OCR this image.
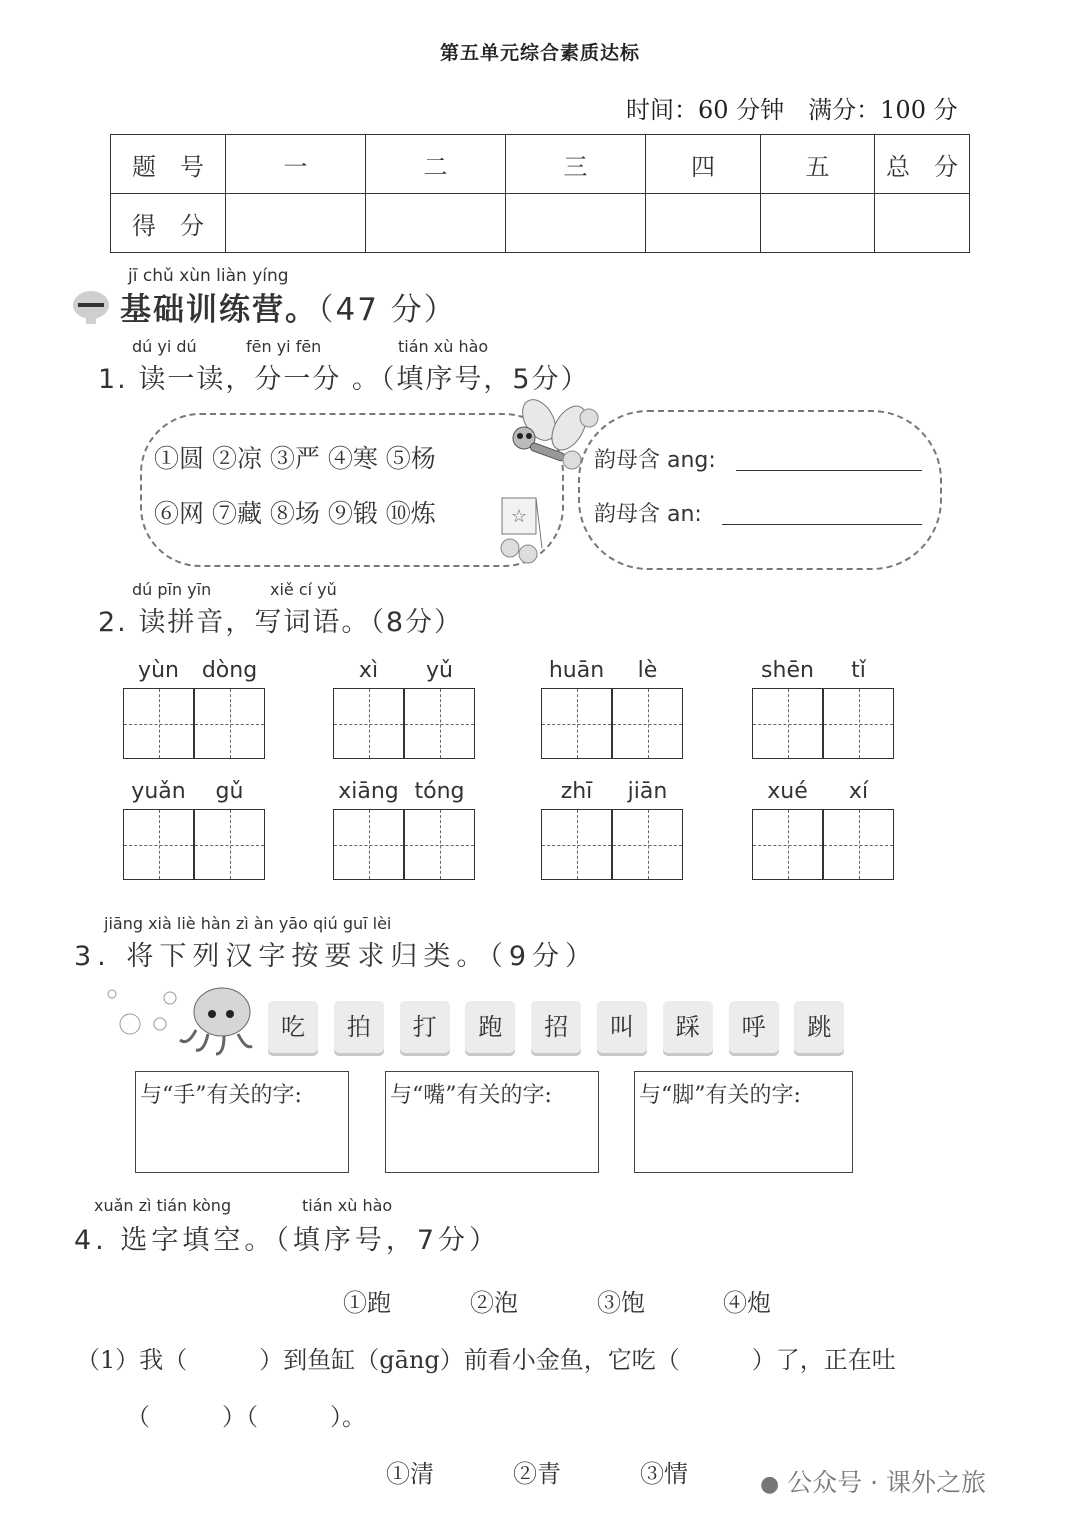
第五单元综合素质达标
时间：60 分钟　满分：100 分
题　号	一	二	三	四	五	总　分
得　分						
jī chǔ xùn liàn yíng
基础训练营。（47 分）
dú yi dú	fēn yi fēn	tián xù hào
1. 读一读，分一分 。（填序号，5分）
①圆 ②凉 ③严 ④寒 ⑤杨
⑥网 ⑦藏 ⑧场 ⑨锻 ⑩炼	☆
韵母含 ang:
韵母含 an:
dú pīn yīn	xiě cí yǔ
2. 读拼音，写词语。（8分）
yùn	dòng	xì	yǔ	huān	lè	shēn	tǐ
yuǎn	gǔ	xiāng tóng	zhī	jiān	xué	xí
jiāng xià liè hàn zì àn yāo qiú guī lèi
3. 将下列汉字按要求归类。（9分）
吃	拍	打	跑	招	叫	踩	呼	跳
与“手”有关的字:	与“嘴”有关的字:	与“脚”有关的字:
xuǎn zì tián kòng	tián xù hào
4. 选字填空。（填序号，7分）
①跑	②泡	③饱	④炮
（1）我（　　　）到鱼缸（gāng）前看小金鱼，它吃（　　　）了，正在吐
（　　　）（　　　）。
①清	②青	③情	● 公众号 · 课外之旅
